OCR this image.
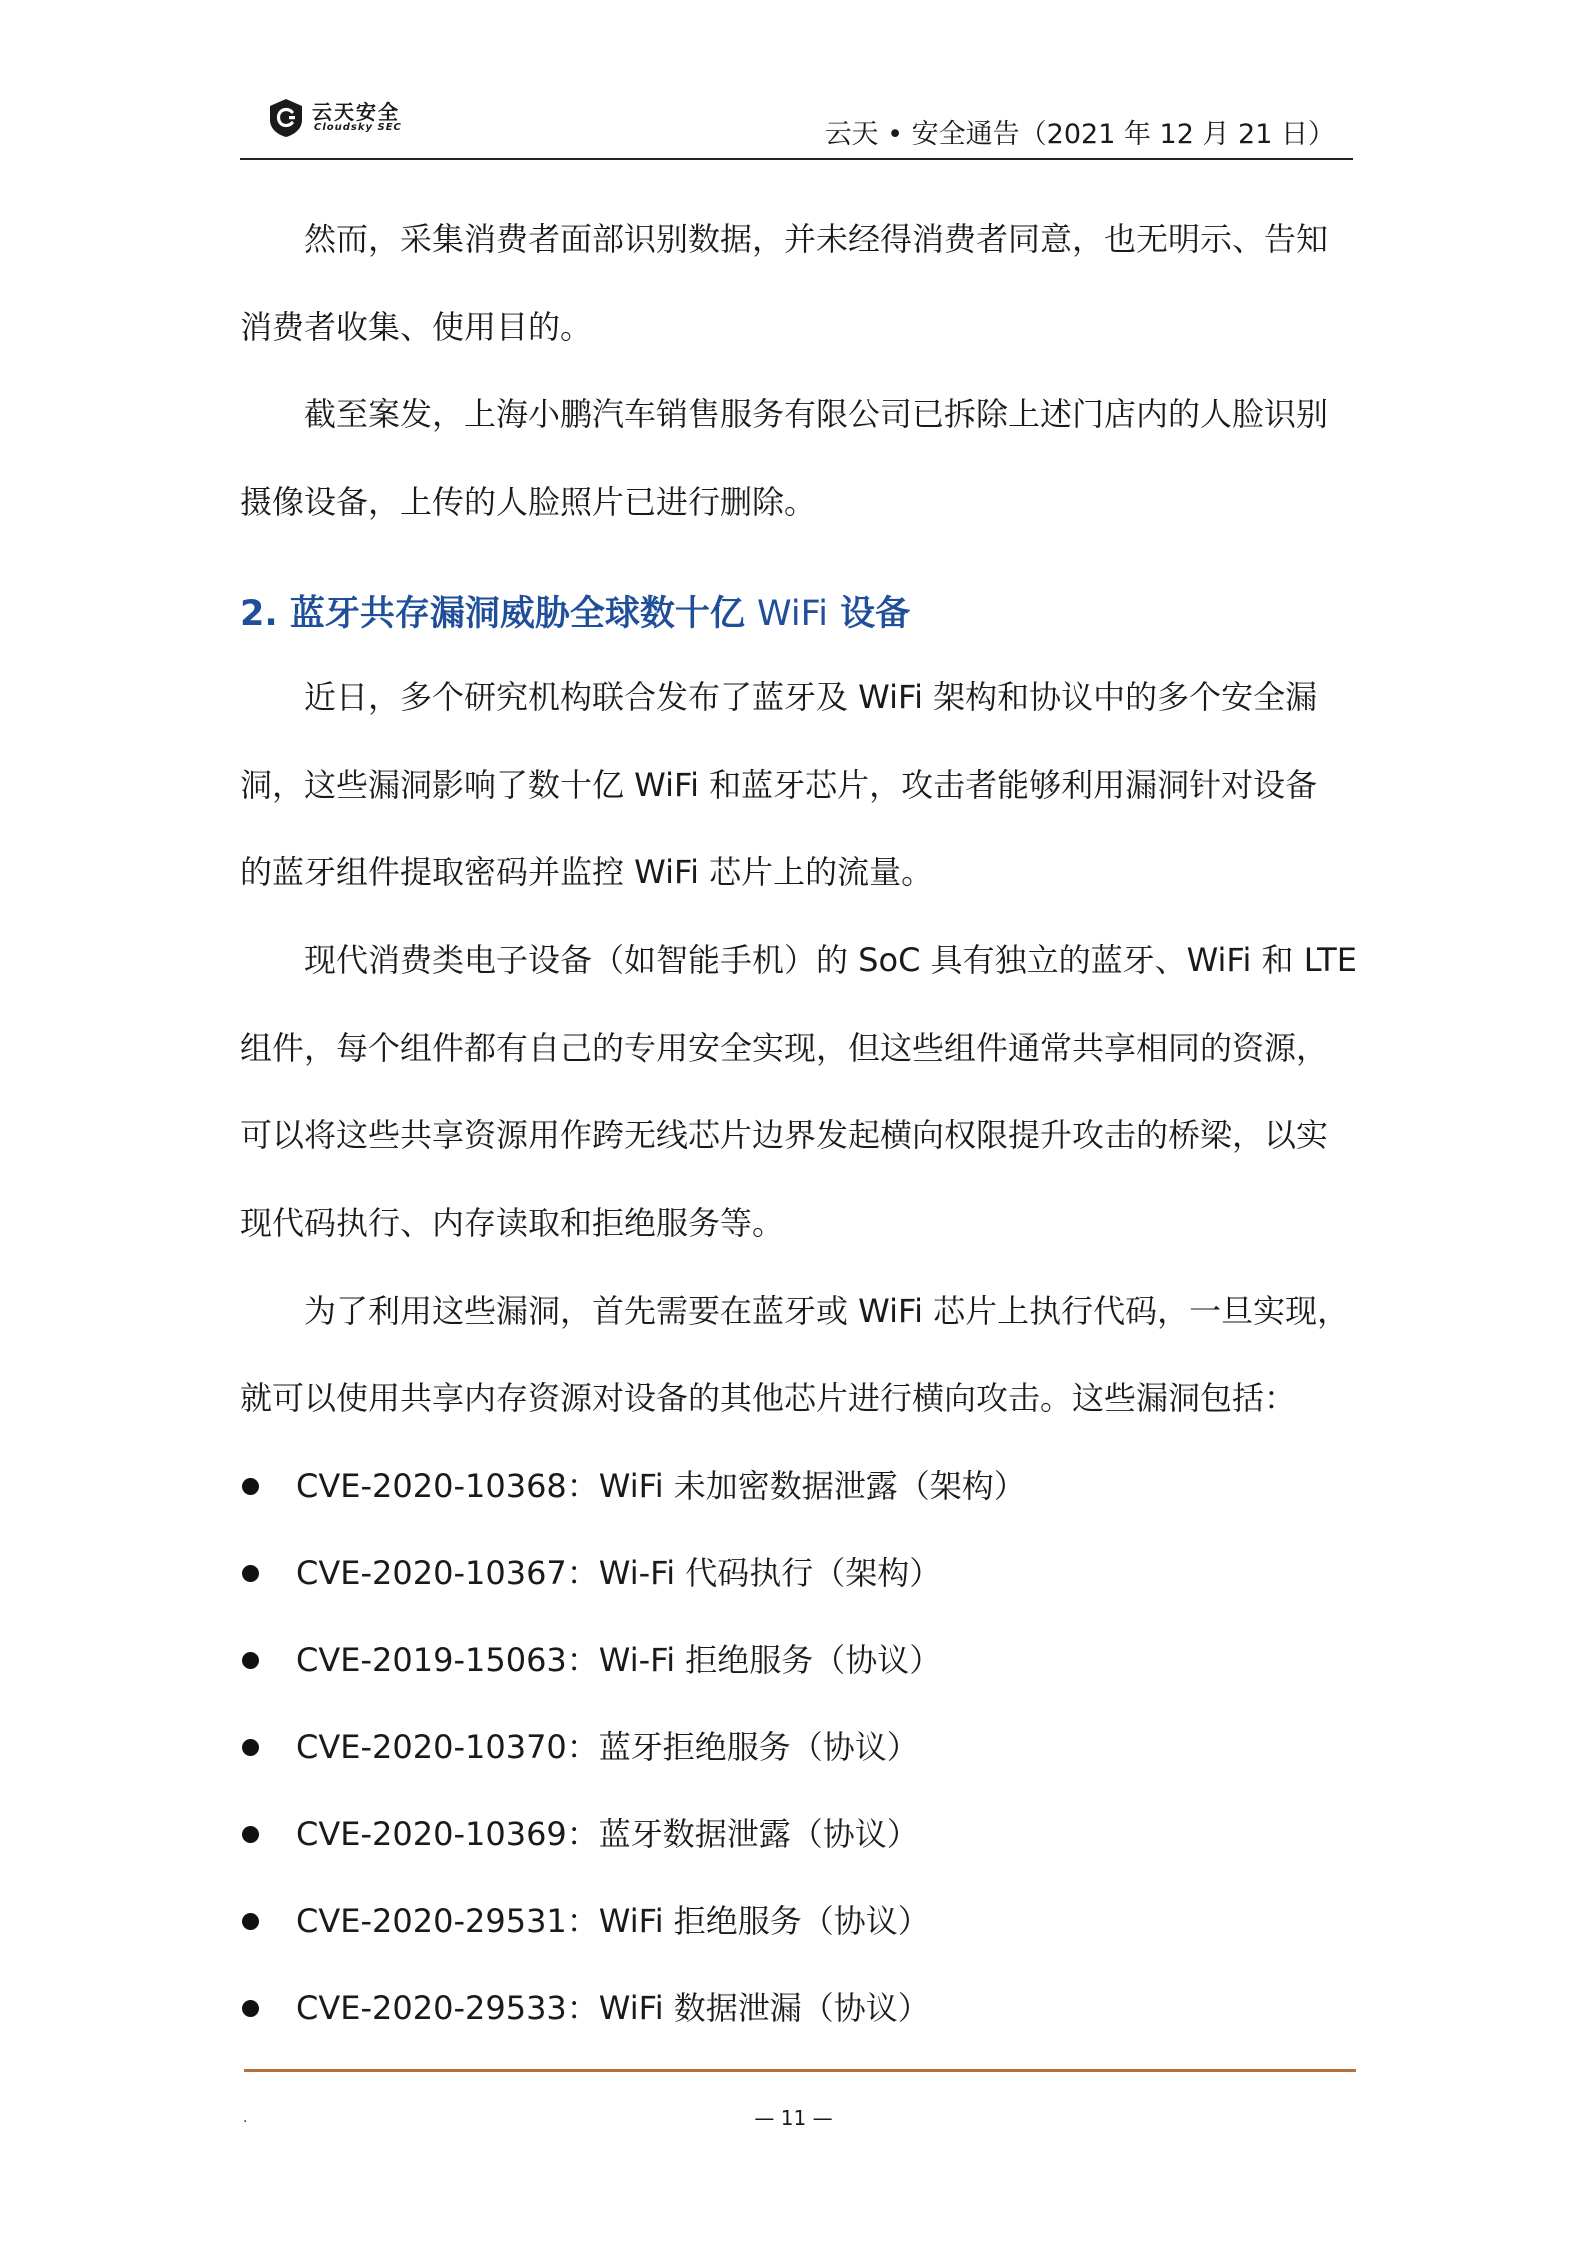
云天安全
Cloudsky SEC	云天 • 安全通告（2021 年 12 月 21 日）
然而，采集消费者面部识别数据，并未经得消费者同意，也无明示、告知
消费者收集、使用目的。
截至案发，上海小鹏汽车销售服务有限公司已拆除上述门店内的人脸识别
摄像设备，上传的人脸照片已进行删除。
2. 蓝牙共存漏洞威胁全球数十亿 WiFi 设备
近日，多个研究机构联合发布了蓝牙及 WiFi 架构和协议中的多个安全漏
洞，这些漏洞影响了数十亿 WiFi 和蓝牙芯片，攻击者能够利用漏洞针对设备
的蓝牙组件提取密码并监控 WiFi 芯片上的流量。
现代消费类电子设备（如智能手机）的 SoC 具有独立的蓝牙、WiFi 和 LTE
组件，每个组件都有自己的专用安全实现，但这些组件通常共享相同的资源，
可以将这些共享资源用作跨无线芯片边界发起横向权限提升攻击的桥梁，以实
现代码执行、内存读取和拒绝服务等。
为了利用这些漏洞，首先需要在蓝牙或 WiFi 芯片上执行代码，一旦实现，
就可以使用共享内存资源对设备的其他芯片进行横向攻击。这些漏洞包括：
CVE-2020-10368：WiFi 未加密数据泄露（架构）
CVE-2020-10367：Wi-Fi 代码执行（架构）
CVE-2019-15063：Wi-Fi 拒绝服务（协议）
CVE-2020-10370：蓝牙拒绝服务（协议）
CVE-2020-10369：蓝牙数据泄露（协议）
CVE-2020-29531：WiFi 拒绝服务（协议）
CVE-2020-29533：WiFi 数据泄漏（协议）
.	— 11 —
